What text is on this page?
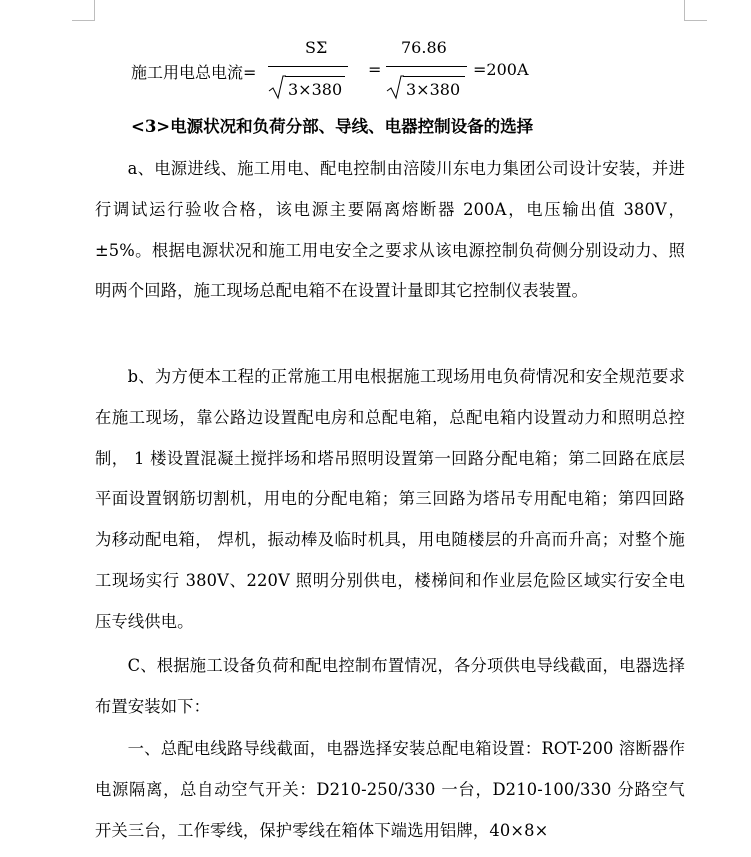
施工用电总电流=
SΣ
3×380
=
76.86
3×380
=200A
<3>电源状况和负荷分部、导线、电器控制设备的选择

a、电源进线、施工用电、配电控制由涪陵川东电力集团公司设计安装，并进行调试运行验收合格，该电源主要隔离熔断器 200A，电压输出值 380V，±5%。根据电源状况和施工用电安全之要求从该电源控制负荷侧分别设动力、照明两个回路，施工现场总配电箱不在设置计量即其它控制仪表装置。

b、为方便本工程的正常施工用电根据施工现场用电负荷情况和安全规范要求在施工现场，靠公路边设置配电房和总配电箱，总配电箱内设置动力和照明总控制， 1 楼设置混凝土搅拌场和塔吊照明设置第一回路分配电箱；第二回路在底层平面设置钢筋切割机，用电的分配电箱；第三回路为塔吊专用配电箱；第四回路为移动配电箱， 焊机，振动棒及临时机具，用电随楼层的升高而升高；对整个施工现场实行 380V、220V 照明分别供电，楼梯间和作业层危险区域实行安全电压专线供电。

C、根据施工设备负荷和配电控制布置情况，各分项供电导线截面，电器选择布置安装如下：

一、总配电线路导线截面，电器选择安装总配电箱设置：ROT-200 溶断器作电源隔离，总自动空气开关：D210-250/330 一台，D210-100/330 分路空气开关三台，工作零线，保护零线在箱体下端选用铝牌，40×8×
